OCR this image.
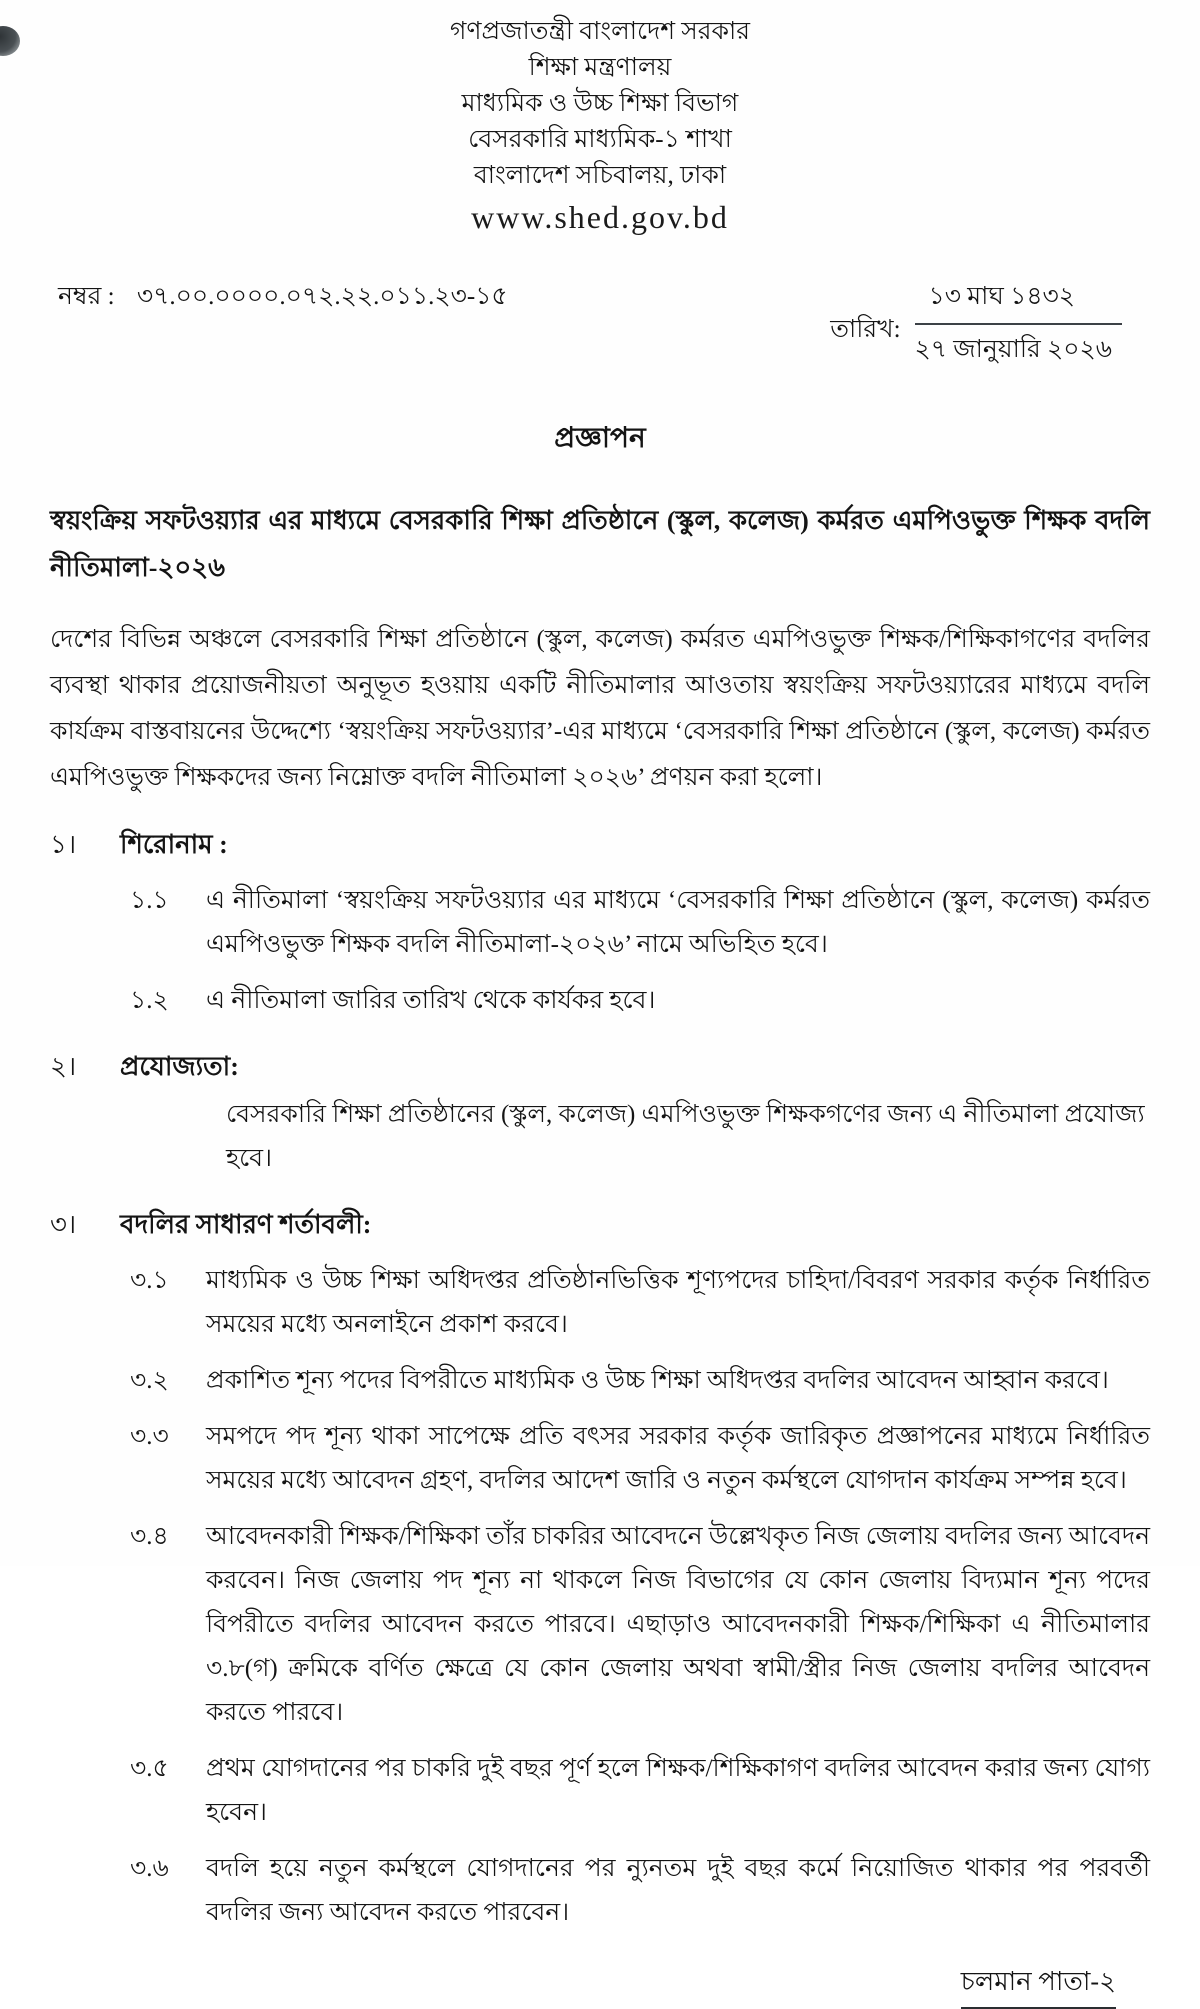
গণপ্রজাতন্ত্রী বাংলাদেশ সরকার
শিক্ষা মন্ত্রণালয়
মাধ্যমিক ও উচ্চ শিক্ষা বিভাগ
বেসরকারি মাধ্যমিক-১ শাখা
বাংলাদেশ সচিবালয়, ঢাকা
www.shed.gov.bd
নম্বর : ৩৭.০০.০০০০.০৭২.২২.০১১.২৩-১৫
তারিখ:
১৩ মাঘ ১৪৩২
২৭ জানুয়ারি ২০২৬
প্রজ্ঞাপন

স্বয়ংক্রিয় সফটওয়্যার এর মাধ্যমে বেসরকারি শিক্ষা প্রতিষ্ঠানে (স্কুল, কলেজ) কর্মরত এমপিওভুক্ত শিক্ষক বদলি নীতিমালা-২০২৬

দেশের বিভিন্ন অঞ্চলে বেসরকারি শিক্ষা প্রতিষ্ঠানে (স্কুল, কলেজ) কর্মরত এমপিওভুক্ত শিক্ষক/শিক্ষিকাগণের বদলির ব্যবস্থা থাকার প্রয়োজনীয়তা অনুভূত হওয়ায় একটি নীতিমালার আওতায় স্বয়ংক্রিয় সফটওয়্যারের মাধ্যমে বদলি কার্যক্রম বাস্তবায়নের উদ্দেশ্যে ‘স্বয়ংক্রিয় সফটওয়্যার’-এর মাধ্যমে ‘বেসরকারি শিক্ষা প্রতিষ্ঠানে (স্কুল, কলেজ) কর্মরত এমপিওভুক্ত শিক্ষকদের জন্য নিম্নোক্ত বদলি নীতিমালা ২০২৬’ প্রণয়ন করা হলো।

১।	শিরোনাম :
১.১	এ নীতিমালা ‘স্বয়ংক্রিয় সফটওয়্যার এর মাধ্যমে ‘বেসরকারি শিক্ষা প্রতিষ্ঠানে (স্কুল, কলেজ) কর্মরত এমপিওভুক্ত শিক্ষক বদলি নীতিমালা-২০২৬’ নামে অভিহিত হবে।
১.২	এ নীতিমালা জারির তারিখ থেকে কার্যকর হবে।
২।	প্রযোজ্যতা:
বেসরকারি শিক্ষা প্রতিষ্ঠানের (স্কুল, কলেজ) এমপিওভুক্ত শিক্ষকগণের জন্য এ নীতিমালা প্রযোজ্য হবে।
৩।	বদলির সাধারণ শর্তাবলী:
৩.১	মাধ্যমিক ও উচ্চ শিক্ষা অধিদপ্তর প্রতিষ্ঠানভিত্তিক শূণ্যপদের চাহিদা/বিবরণ সরকার কর্তৃক নির্ধারিত সময়ের মধ্যে অনলাইনে প্রকাশ করবে।
৩.২	প্রকাশিত শূন্য পদের বিপরীতে মাধ্যমিক ও উচ্চ শিক্ষা অধিদপ্তর বদলির আবেদন আহ্বান করবে।
৩.৩	সমপদে পদ শূন্য থাকা সাপেক্ষে প্রতি বৎসর সরকার কর্তৃক জারিকৃত প্রজ্ঞাপনের মাধ্যমে নির্ধারিত সময়ের মধ্যে আবেদন গ্রহণ, বদলির আদেশ জারি ও নতুন কর্মস্থলে যোগদান কার্যক্রম সম্পন্ন হবে।
৩.৪	আবেদনকারী শিক্ষক/শিক্ষিকা তাঁর চাকরির আবেদনে উল্লেখকৃত নিজ জেলায় বদলির জন্য আবেদন করবেন। নিজ জেলায় পদ শূন্য না থাকলে নিজ বিভাগের যে কোন জেলায় বিদ্যমান শূন্য পদের বিপরীতে বদলির আবেদন করতে পারবে। এছাড়াও আবেদনকারী শিক্ষক/শিক্ষিকা এ নীতিমালার ৩.৮(গ) ক্রমিকে বর্ণিত ক্ষেত্রে যে কোন জেলায় অথবা স্বামী/স্ত্রীর নিজ জেলায় বদলির আবেদন করতে পারবে।
৩.৫	প্রথম যোগদানের পর চাকরি দুই বছর পূর্ণ হলে শিক্ষক/শিক্ষিকাগণ বদলির আবেদন করার জন্য যোগ্য হবেন।
৩.৬	বদলি হয়ে নতুন কর্মস্থলে যোগদানের পর ন্যুনতম দুই বছর কর্মে নিয়োজিত থাকার পর পরবর্তী বদলির জন্য আবেদন করতে পারবেন।
চলমান পাতা-২
